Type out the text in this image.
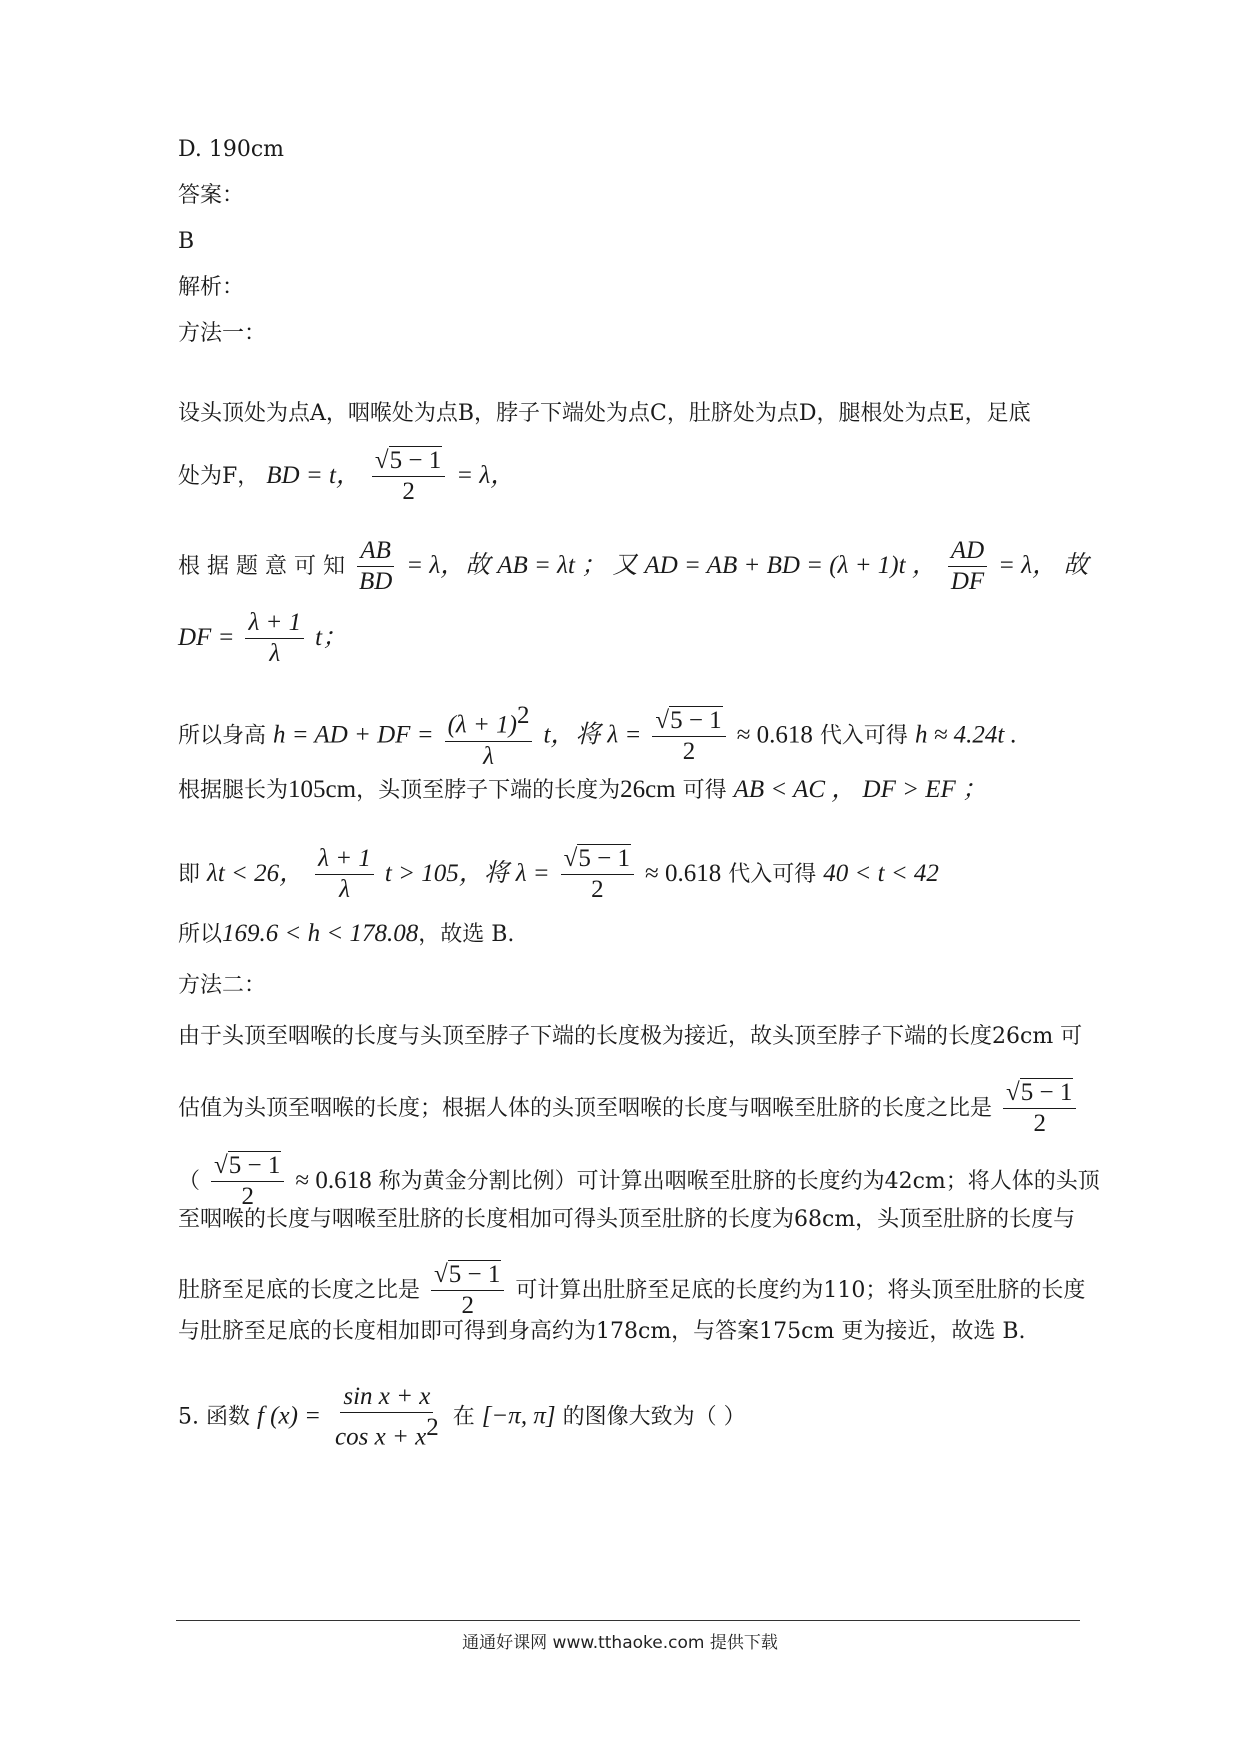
D. 190cm
答案：
B
解析：
方法一：
设头顶处为点A，咽喉处为点B，脖子下端处为点C，肚脐处为点D，腿根处为点E，足底
处为F， BD = t， $\frac{√5 - 1}{2} = \lambda$，
根 据 题 意 可 知 $\frac{AB}{BD} = \lambda$，故 AB = λt ； 又 AD = AB + BD = (λ + 1)t ， $\frac{AD}{DF} = \lambda$， 故
DF = $\frac{\lambda + 1}{\lambda}$ t；
所以身高 h = AD + DF = $\frac{(\lambda + 1)^2}{\lambda}$ t，将 $\lambda = \frac{√5 - 1}{2} \approx 0.618$ 代入可得 h ≈ 4.24t .
根据腿长为105cm，头顶至脖子下端的长度为26cm 可得 AB < AC ， DF > EF ；
即 λt < 26， $\frac{\lambda + 1}{\lambda}$ t > 105，将 $\lambda = \frac{√5 - 1}{2} \approx 0.618$ 代入可得 40 < t < 42
所以169.6 < h < 178.08，故选 B.
方法二：
由于头顶至咽喉的长度与头顶至脖子下端的长度极为接近，故头顶至脖子下端的长度26cm 可
估值为头顶至咽喉的长度；根据人体的头顶至咽喉的长度与咽喉至肚脐的长度之比是 $\frac{√5 - 1}{2}$
（ $\frac{√5 - 1}{2} \approx 0.618$ 称为黄金分割比例）可计算出咽喉至肚脐的长度约为42cm；将人体的头顶
至咽喉的长度与咽喉至肚脐的长度相加可得头顶至肚脐的长度为68cm，头顶至肚脐的长度与
肚脐至足底的长度之比是 $\frac{√5 - 1}{2}$ 可计算出肚脐至足底的长度约为110；将头顶至肚脐的长度
与肚脐至足底的长度相加即可得到身高约为178cm，与答案175cm 更为接近，故选 B.
5. 函数 f $(x) = \frac{\text{sin x + x}}{\cos x + x^2}$ 在 [−π, π] 的图像大致为（ ）
通通好课网 www.tthaoke.com 提供下载
